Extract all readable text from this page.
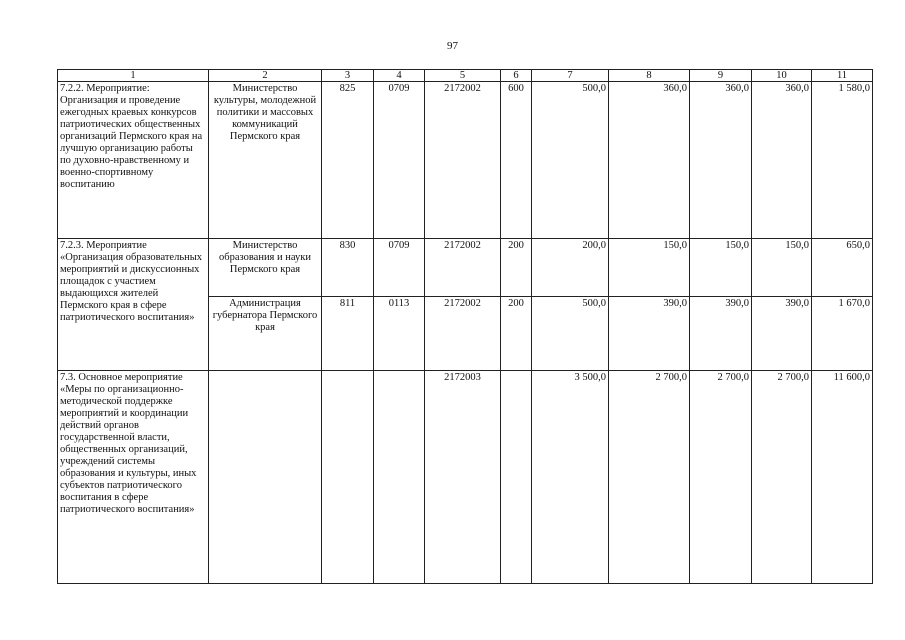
97
1	2	3	4	5	6	7	8	9	10	11
7.2.2. Мероприятие: Организация и проведение ежегодных краевых конкурсов патриотических общественных организаций Пермского края на лучшую организацию работы по духовно-нравственному и военно-спортивному воспитанию	Министерство культуры, молодежной политики и массовых коммуникаций Пермского края	825	0709	2172002	600	500,0	360,0	360,0	360,0	1 580,0
7.2.3. Мероприятие «Организация образовательных мероприятий и дискуссионных площадок с участием выдающихся жителей Пермского края в сфере патриотического воспитания»	Министерство образования и науки Пермского края	830	0709	2172002	200	200,0	150,0	150,0	150,0	650,0
	Администрация губернатора Пермского края	811	0113	2172002	200	500,0	390,0	390,0	390,0	1 670,0
7.3. Основное мероприятие «Меры по организационно-методической поддержке мероприятий и координации действий органов государственной власти, общественных организаций, учреждений системы образования и культуры, иных субъектов патриотического воспитания в сфере патриотического воспитания»				2172003		3 500,0	2 700,0	2 700,0	2 700,0	11 600,0
